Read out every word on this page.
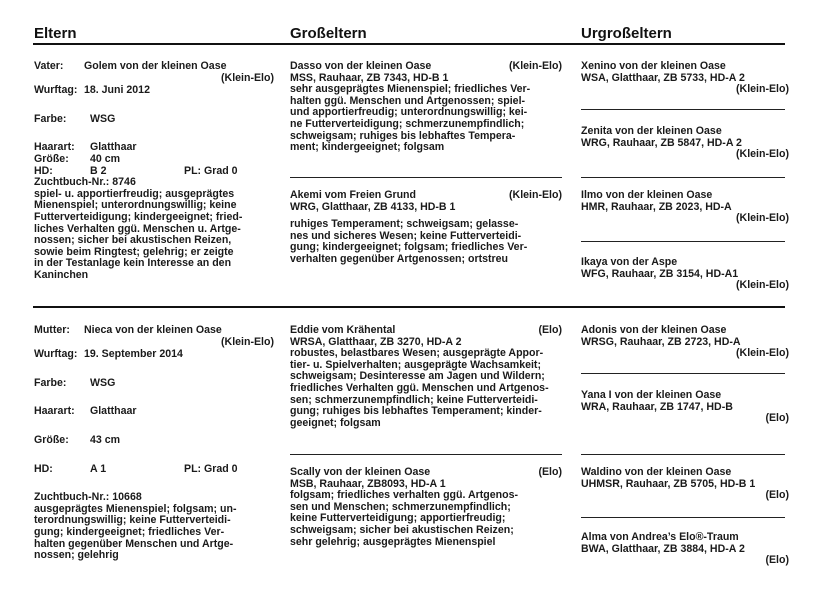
Eltern	Großeltern	Urgroßeltern
Vater: Golem von der kleinen Oase
(Klein-Elo)
Wurftag: 18. Juni 2012
Farbe: WSG
Haarart: Glatthaar
Größe: 40 cm
HD:	B 2	PL: Grad 0
Zuchtbuch-Nr.: 8746

spiel- u. apportierfreudig; ausgeprägtes

Mienenspiel; unterordnungswillig; keine

Futterverteidigung; kindergeeignet; fried-

liches Verhalten ggü. Menschen u. Artge-

nossen; sicher bei akustischen Reizen,

sowie beim Ringtest; gelehrig; er zeigte

in der Testanlage kein Interesse an den

Kaninchen

Mutter: Nieca von der kleinen Oase
(Klein-Elo)
Wurftag: 19. September 2014
Farbe: WSG
Haarart: Glatthaar
Größe: 43 cm
HD:	A 1	PL: Grad 0
Zuchtbuch-Nr.: 10668

ausgeprägtes Mienenspiel; folgsam; un-

terordnungswillig; keine Futterverteidi-

gung; kindergeeignet; friedliches Ver-

halten gegenüber Menschen und Artge-

nossen; gelehrig

Dasso von der kleinen Oase	(Klein-Elo)
MSS, Rauhaar, ZB 7343, HD-B 1

sehr ausgeprägtes Mienenspiel; friedliches Ver-

halten ggü. Menschen und Artgenossen; spiel-

und apportierfreudig; unterordnungswillig; kei-

ne Futterverteidigung; schmerzunempfindlich;

schweigsam; ruhiges bis lebhaftes Tempera-

ment; kindergeeignet; folgsam

Akemi vom Freien Grund	(Klein-Elo)
WRG, Glatthaar, ZB 4133, HD-B 1

ruhiges Temperament; schweigsam; gelasse-

nes und sicheres Wesen; keine Futterverteidi-

gung; kindergeeignet; folgsam; friedliches Ver-

verhalten gegenüber Artgenossen; ortstreu

Eddie vom Krähental	(Elo)
WRSA, Glatthaar, ZB 3270, HD-A 2

robustes, belastbares Wesen; ausgeprägte Appor-

tier- u. Spielverhalten; ausgeprägte Wachsamkeit;

schweigsam; Desinteresse am Jagen und Wildern;

friedliches Verhalten ggü. Menschen und Artgenos-

sen; schmerzunempfindlich; keine Futterverteidi-

gung; ruhiges bis lebhaftes Temperament; kinder-

geeignet; folgsam

Scally von der kleinen Oase	(Elo)
MSB, Rauhaar, ZB8093, HD-A 1

folgsam; friedliches verhalten ggü. Artgenos-

sen und Menschen; schmerzunempfindlich;

keine Futterverteidigung; apportierfreudig;

schweigsam; sicher bei akustischen Reizen;

sehr gelehrig; ausgeprägtes Mienenspiel

Xenino von der kleinen Oase
WSA, Glatthaar, ZB 5733, HD-A 2
(Klein-Elo)
Zenita von der kleinen Oase
WRG, Rauhaar, ZB 5847, HD-A 2
(Klein-Elo)
Ilmo von der kleinen Oase
HMR, Rauhaar, ZB 2023, HD-A
(Klein-Elo)
Ikaya von der Aspe
WFG, Rauhaar, ZB 3154, HD-A1
(Klein-Elo)
Adonis von der kleinen Oase
WRSG, Rauhaar, ZB 2723, HD-A
(Klein-Elo)
Yana I von der kleinen Oase
WRA, Rauhaar, ZB 1747, HD-B
(Elo)
Waldino von der kleinen Oase
UHMSR, Rauhaar, ZB 5705, HD-B 1
(Elo)
Alma von Andrea’s Elo®-Traum
BWA, Glatthaar, ZB 3884, HD-A 2
(Elo)
